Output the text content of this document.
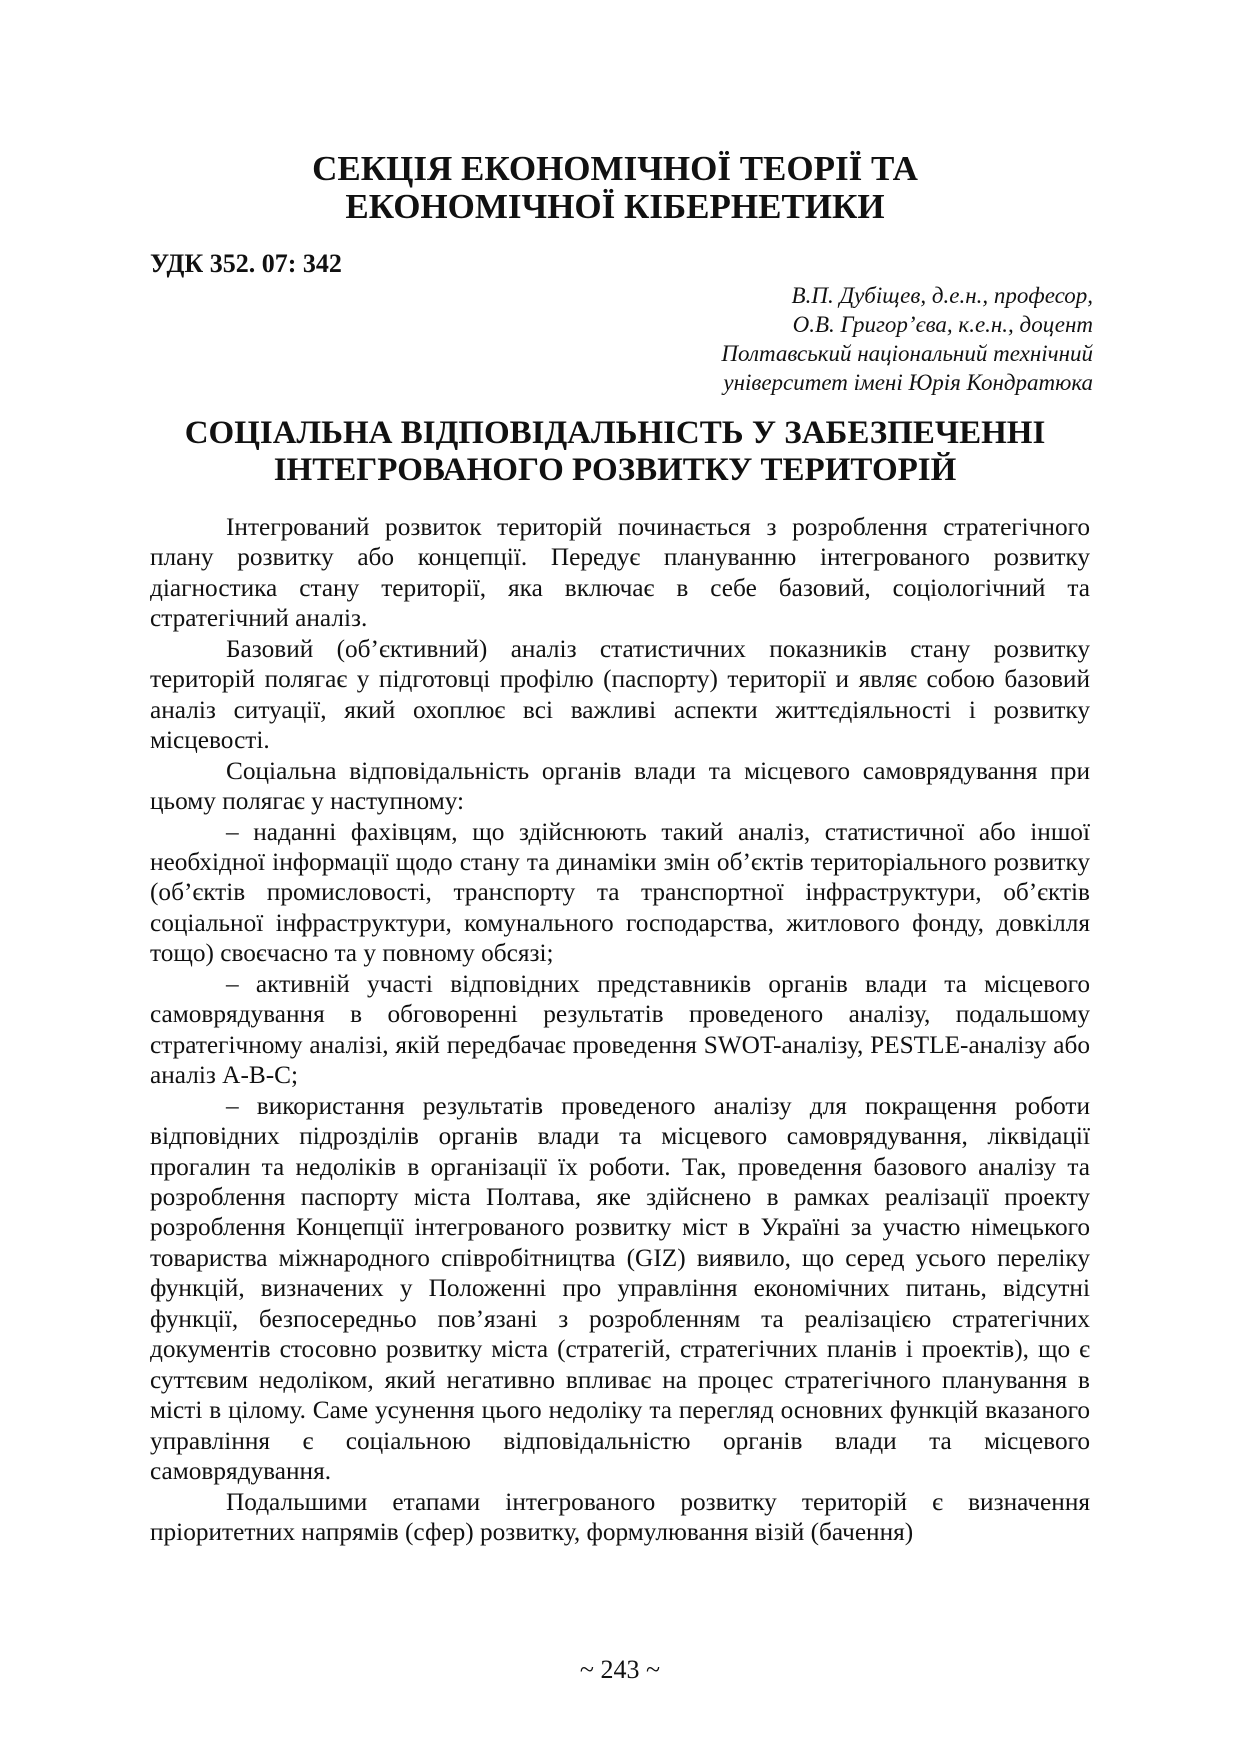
СЕКЦІЯ ЕКОНОМІЧНОЇ ТЕОРІЇ ТА
ЕКОНОМІЧНОЇ КІБЕРНЕТИКИ
УДК 352. 07: 342
В.П. Дубіщев, д.е.н., професор,
О.В. Григор’єва, к.е.н., доцент
Полтавський національний технічний
університет імені Юрія Кондратюка
СОЦІАЛЬНА ВІДПОВІДАЛЬНІСТЬ У ЗАБЕЗПЕЧЕННІ
ІНТЕГРОВАНОГО РОЗВИТКУ ТЕРИТОРІЙ

Інтегрований розвиток територій починається з розроблення стратегічного плану розвитку або концепції. Передує плануванню інтегрованого розвитку діагностика стану території, яка включає в себе базовий, соціологічний та стратегічний аналіз.

Базовий (об’єктивний) аналіз статистичних показників стану розвитку територій полягає у підготовці профілю (паспорту) території и являє собою базовий аналіз ситуації, який охоплює всі важливі аспекти життєдіяльності і розвитку місцевості.

Соціальна відповідальність органів влади та місцевого самоврядування при цьому полягає у наступному:

– наданні фахівцям, що здійснюють такий аналіз, статистичної або іншої необхідної інформації щодо стану та динаміки змін об’єктів територіального розвитку (об’єктів промисловості, транспорту та транспортної інфраструктури, об’єктів соціальної інфраструктури, комунального господарства, житлового фонду, довкілля тощо) своєчасно та у повному обсязі;

– активній участі відповідних представників органів влади та місцевого самоврядування в обговоренні результатів проведеного аналізу, подальшому стратегічному аналізі, якій передбачає проведення SWOT-аналізу, PESTLE-аналізу або аналіз A-B-C;

– використання результатів проведеного аналізу для покращення роботи відповідних підрозділів органів влади та місцевого самоврядування, ліквідації прогалин та недоліків в організації їх роботи. Так, проведення базового аналізу та розроблення паспорту міста Полтава, яке здійснено в рамках реалізації проекту розроблення Концепції інтегрованого розвитку міст в Україні за участю німецького товариства міжнародного співробітництва (GIZ) виявило, що серед усього переліку функцій, визначених у Положенні про управління економічних питань, відсутні функції, безпосередньо пов’язані з розробленням та реалізацією стратегічних документів стосовно розвитку міста (стратегій, стратегічних планів і проектів), що є суттєвим недоліком, який негативно впливає на процес стратегічного планування в місті в цілому. Саме усунення цього недоліку та перегляд основних функцій вказаного управління є соціальною відповідальністю органів влади та місцевого самоврядування.

Подальшими етапами інтегрованого розвитку територій є визначення пріоритетних напрямів (сфер) розвитку, формулювання візій (бачення)

~ 243 ~
